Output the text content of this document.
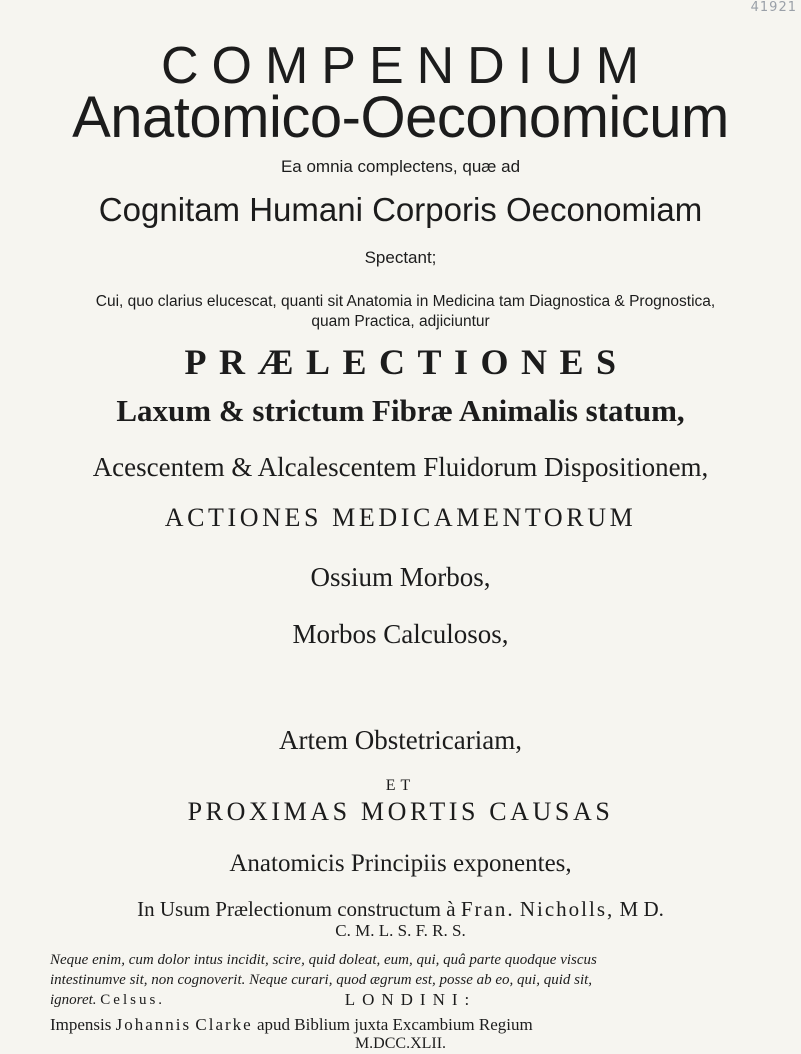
41921
COMPENDIUM
Anatomico-Oeconomicum
Ea omnia complectens, quæ ad
Cognitam Humani Corporis Oeconomiam
Spectant;
Cui, quo clarius elucescat, quanti sit Anatomia in Medicina tam Diagnostica & Prognostica,
quam Practica, adjiciuntur
PRÆLECTIONES
Laxum & strictum Fibræ Animalis statum,
Acescentem & Alcalescentem Fluidorum Dispositionem,
ACTIONES MEDICAMENTORUM
Ossium Morbos,
Morbos Calculosos,
Artem Obstetricariam,
ET
PROXIMAS MORTIS CAUSAS
Anatomicis Principiis exponentes,
In Usum Prælectionum constructum à Fran. Nicholls, M D.
C. M. L. S. F. R. S.
Neque enim, cum dolor intus incidit, scire, quid doleat, eum, qui, quâ parte quodque viscus
intestinumve sit, non cognoverit. Neque curari, quod ægrum est, posse ab eo, qui, quid sit,
ignoret. Celsus.	LONDINI:
Impensis Johannis Clarke apud Biblium juxta Excambium Regium
M.DCC.XLII.
